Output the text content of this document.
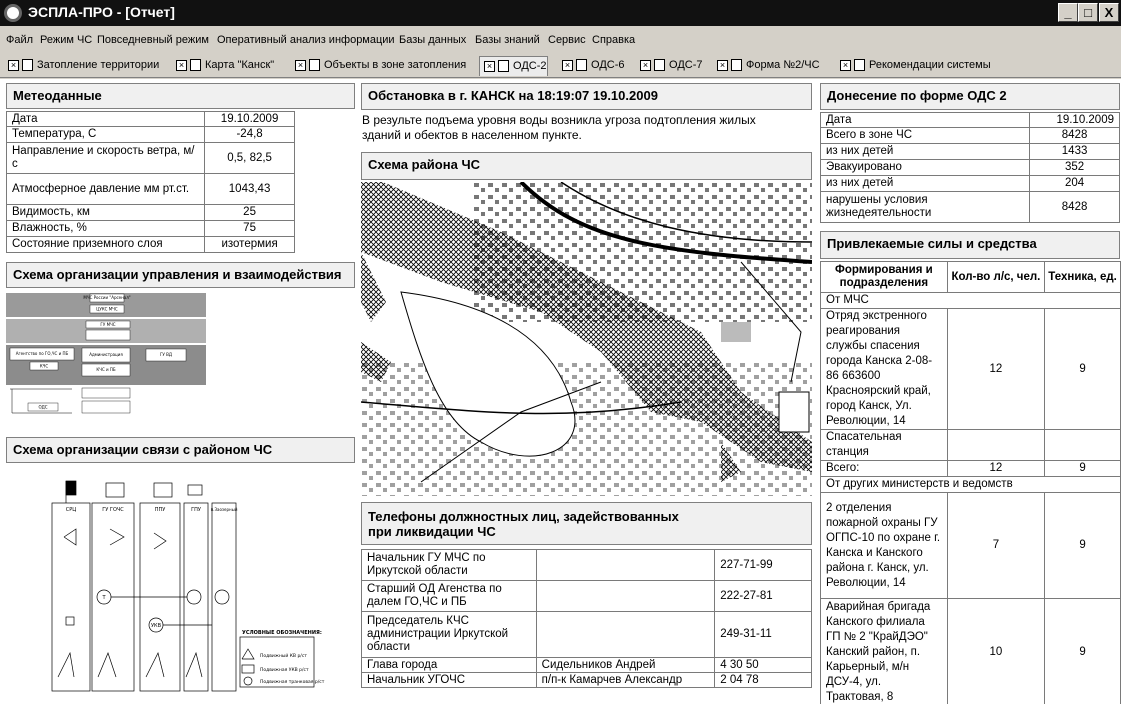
ЭСПЛА-ПРО - [Отчет]	_ □ X
Файл Режим ЧС Повседневный режим Оперативный анализ информации Базы данных Базы знаний Сервис Справка
× Затопление территории	× Карта "Канск"	× Объекты в зоне затопления	× ОДС-2	× ОДС-6	× ОДС-7	× Форма №2/ЧС	× Рекомендации системы
Метеоданные
Дата	19.10.2009
Температура, С	-24,8
Направление и скорость ветра, м/с	0,5, 82,5
Атмосферное давление мм рт.ст.	1043,43
Видимость, км	25
Влажность, %	75
Состояние приземного слоя	изотермия
Схема организации управления и взаимодействия
МЧС России "Арсенал"
ЦУКС МЧС
ГУ МЧС
Агентство по ГО,ЧС и ПБ
КЧС
Администрация
КЧС и ПБ
ГУ ВД
ОДС
Схема организации связи с районом ЧС
СРЦ	ГУ ГОЧС	ППУ	ГПУ п.Заозерный
Т
УКВ
УСЛОВНЫЕ ОБОЗНАЧЕНИЯ:
Подвижный КВ р/ст
Подвижная УКВ р/ст
Подвижная транковая р/ст
Обстановка в г. КАНСК на 18:19:07 19.10.2009
В результе подъема уровня воды возникла угроза подтопления жилых
зданий и обектов в населенном пункте.
Схема района ЧС
Телефоны должностных лиц, задействованных
при ликвидации ЧС
Начальник ГУ МЧС по Иркутской области		227-71-99
Старший ОД Агенства по далем ГО,ЧС и ПБ		222-27-81
Председатель КЧС администрации Иркутской области		249-31-11
Глава города	Сидельников Андрей	4 30 50
Начальник УГОЧС	п/п-к Камарчев Александр	2 04 78
Донесение по форме ОДС 2
Дата	19.10.2009
Всего в зоне ЧС	8428
из них детей	1433
Эвакуировано	352
из них детей	204
нарушены условия жизнедеятельности	8428
Привлекаемые силы и средства
Формирования и подразделения	Кол-во л/с, чел.	Техника, ед.
От МЧС		
Отряд экстренного реагирования службы спасения города Канска 2-08-86 663600 Красноярский край, город Канск, Ул. Революции, 14	12	9
Спасательная станция		
Всего:	12	9
От других министерств и ведомств		
2 отделения пожарной охраны ГУ ОГПС-10 по охране г. Канска и Канского района г. Канск, ул. Революции, 14	7	9
Аварийная бригада Канского филиала ГП № 2 "КрайДЭО" Канский район, п. Карьерный, м/н ДСУ-4, ул. Трактовая, 8	10	9
